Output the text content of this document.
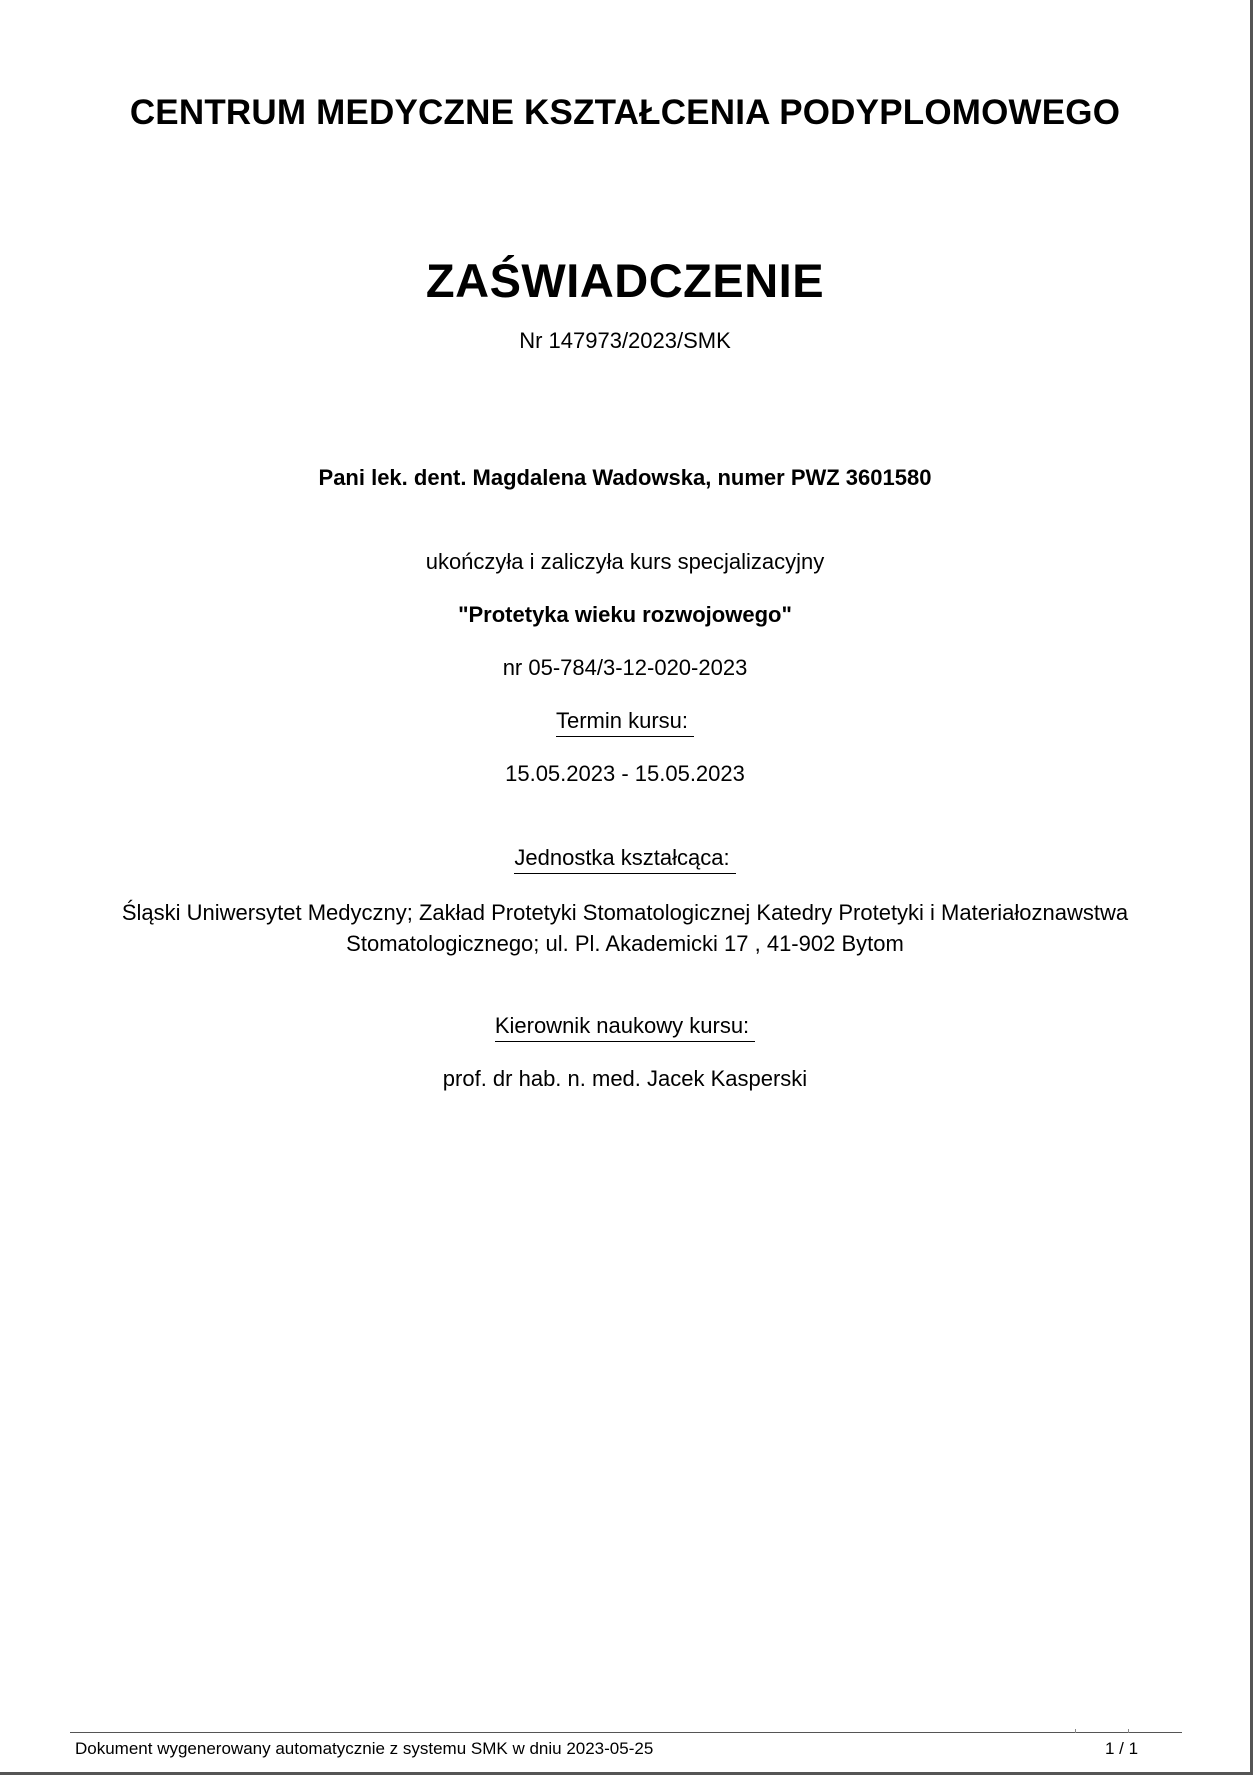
CENTRUM MEDYCZNE KSZTAŁCENIA PODYPLOMOWEGO
ZAŚWIADCZENIE
Nr 147973/2023/SMK
Pani lek. dent. Magdalena Wadowska, numer PWZ 3601580
ukończyła i zaliczyła kurs specjalizacyjny
"Protetyka wieku rozwojowego"
nr 05-784/3-12-020-2023
Termin kursu:
15.05.2023 - 15.05.2023
Jednostka kształcąca:
Śląski Uniwersytet Medyczny; Zakład Protetyki Stomatologicznej Katedry Protetyki i Materiałoznawstwa Stomatologicznego; ul. Pl. Akademicki 17 , 41-902 Bytom
Kierownik naukowy kursu:
prof. dr hab. n. med. Jacek Kasperski
Dokument wygenerowany automatycznie z systemu SMK w dniu 2023-05-25	1 / 1
